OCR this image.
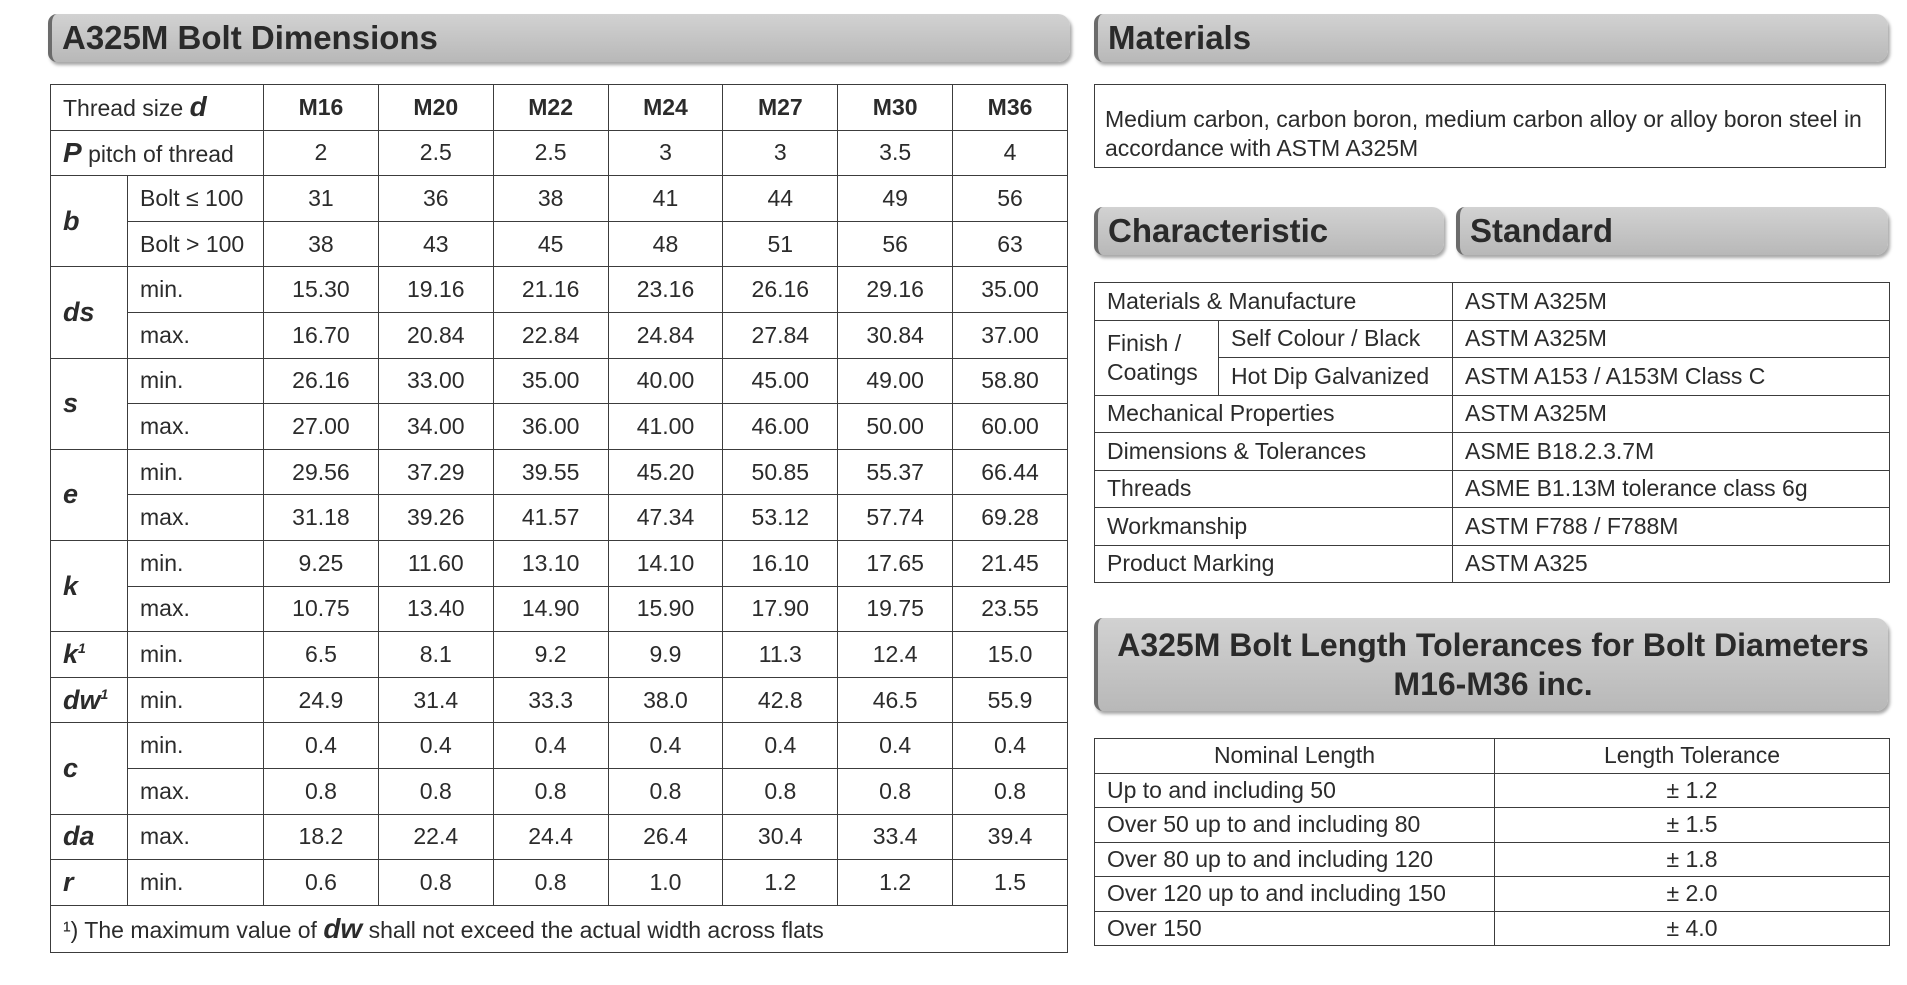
A325M Bolt Dimensions	Materials
Characteristic	Standard
A325M Bolt Length Tolerances for Bolt Diameters M16-M36 inc.
Thread size d		M16	M20	M22	M24	M27	M30	M36
P pitch of thread		2	2.5	2.5	3	3	3.5	4
b	Bolt ≤ 100	31	36	38	41	44	49	56
	Bolt > 100	38	43	45	48	51	56	63
ds	min.	15.30	19.16	21.16	23.16	26.16	29.16	35.00
	max.	16.70	20.84	22.84	24.84	27.84	30.84	37.00
s	min.	26.16	33.00	35.00	40.00	45.00	49.00	58.80
	max.	27.00	34.00	36.00	41.00	46.00	50.00	60.00
e	min.	29.56	37.29	39.55	45.20	50.85	55.37	66.44
	max.	31.18	39.26	41.57	47.34	53.12	57.74	69.28
k	min.	9.25	11.60	13.10	14.10	16.10	17.65	21.45
	max.	10.75	13.40	14.90	15.90	17.90	19.75	23.55
$k^1$	min.	6.5	8.1	9.2	9.9	11.3	12.4	15.0
$dw^1$	min.	24.9	31.4	33.3	38.0	42.8	46.5	55.9
c	min.	0.4	0.4	0.4	0.4	0.4	0.4	0.4
	max.	0.8	0.8	0.8	0.8	0.8	0.8	0.8
da	max.	18.2	22.4	24.4	26.4	30.4	33.4	39.4
r	min.	0.6	0.8	0.8	1.0	1.2	1.2	1.5
¹) The maximum value of dw shall not exceed the actual width across flats								
Medium carbon, carbon boron, medium carbon alloy or alloy boron steel in accordance with ASTM A325M
Materials & Manufacture		ASTM A325M
Finish / Coatings	Self Colour / Black	ASTM A325M
	Hot Dip Galvanized	ASTM A153 / A153M Class C
Mechanical Properties		ASTM A325M
Dimensions & Tolerances		ASME B18.2.3.7M
Threads		ASME B1.13M tolerance class 6g
Workmanship		ASTM F788 / F788M
Product Marking		ASTM A325
Nominal Length	Length Tolerance
Up to and including 50	± 1.2
Over 50 up to and including 80	± 1.5
Over 80 up to and including 120	± 1.8
Over 120 up to and including 150	± 2.0
Over 150	± 4.0
